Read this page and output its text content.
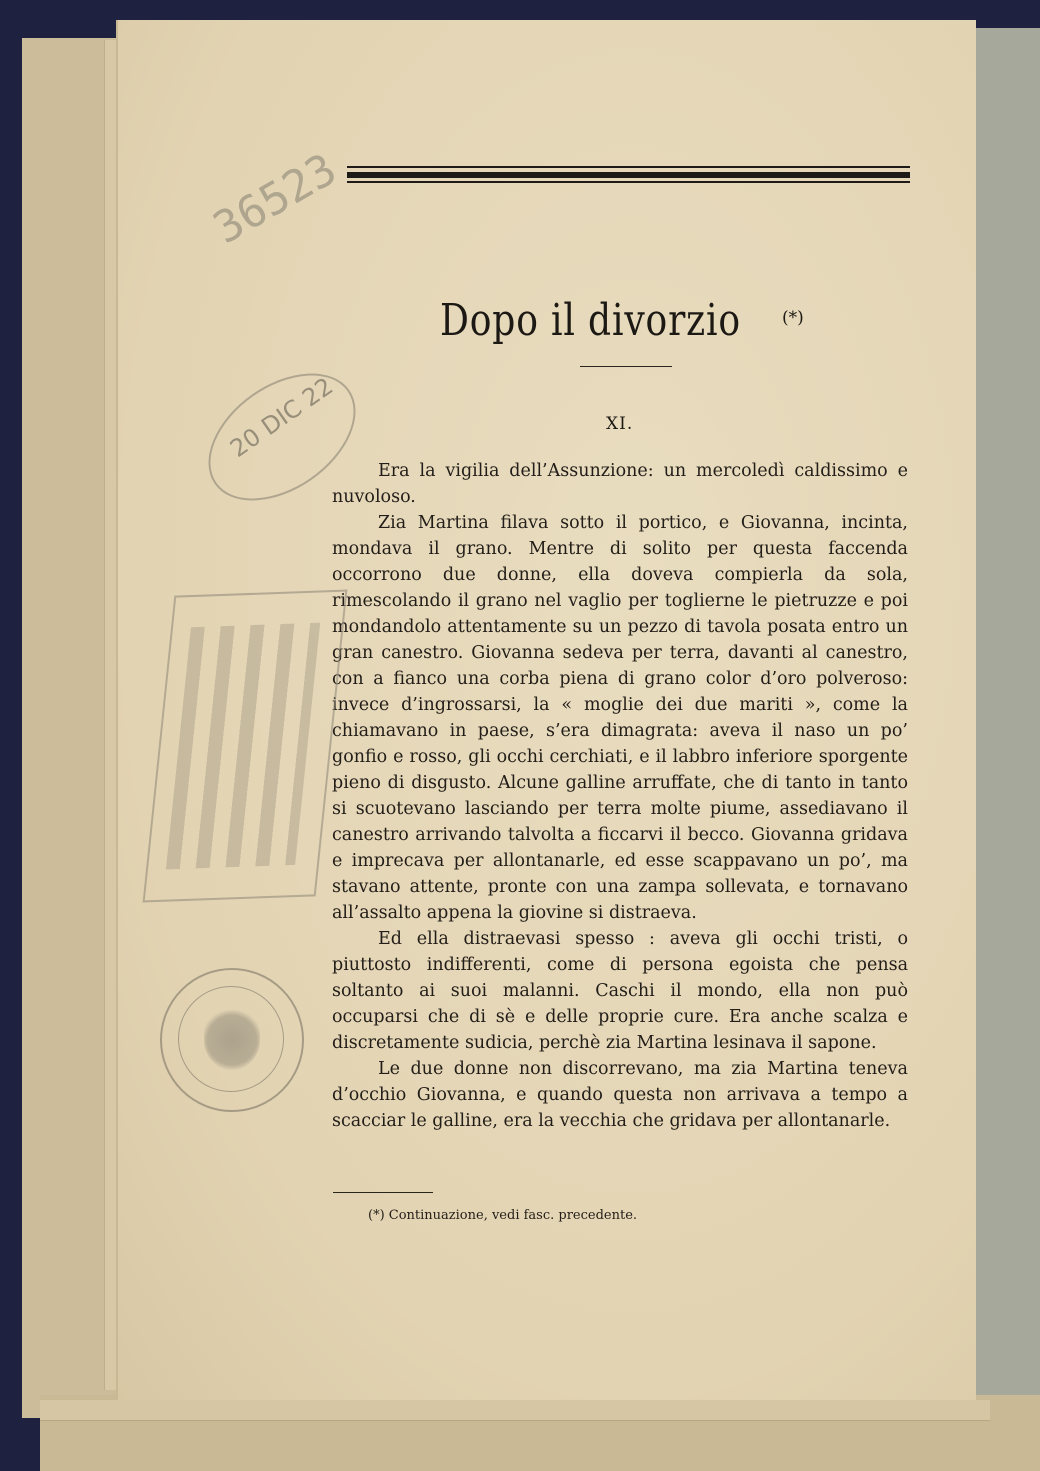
Dopo il divorzio	(*)
XI.

Era la vigilia dell’Assunzione: un mercoledì caldissimo e nuvoloso.

Zia Martina filava sotto il portico, e Giovanna, incinta, mondava il grano. Mentre di solito per questa faccenda occorrono due donne, ella doveva compierla da sola, rimescolando il grano nel vaglio per toglierne le pietruzze e poi mondandolo attentamente su un pezzo di tavola posata entro un gran canestro. Giovanna sedeva per terra, davanti al canestro, con a fianco una corba piena di grano color d’oro polveroso: invece d’ingrossarsi, la « moglie dei due mariti », come la chiamavano in paese, s’era dimagrata: aveva il naso un po’ gonfio e rosso, gli occhi cerchiati, e il labbro inferiore sporgente pieno di disgusto. Alcune galline arruffate, che di tanto in tanto si scuotevano lasciando per terra molte piume, assediavano il canestro arrivando talvolta a ficcarvi il becco. Giovanna gridava e imprecava per allontanarle, ed esse scappavano un po’, ma stavano attente, pronte con una zampa sollevata, e tornavano all’assalto appena la giovine si distraeva.

Ed ella distraevasi spesso : aveva gli occhi tristi, o piuttosto indifferenti, come di persona egoista che pensa soltanto ai suoi malanni. Caschi il mondo, ella non può occuparsi che di sè e delle proprie cure. Era anche scalza e discretamente sudicia, perchè zia Martina lesinava il sapone.

Le due donne non discorrevano, ma zia Martina teneva d’occhio Giovanna, e quando questa non arrivava a tempo a scacciar le galline, era la vecchia che gridava per allontanarle.

(*) Continuazione, vedi fasc. precedente.
36523
20 DIC 22
